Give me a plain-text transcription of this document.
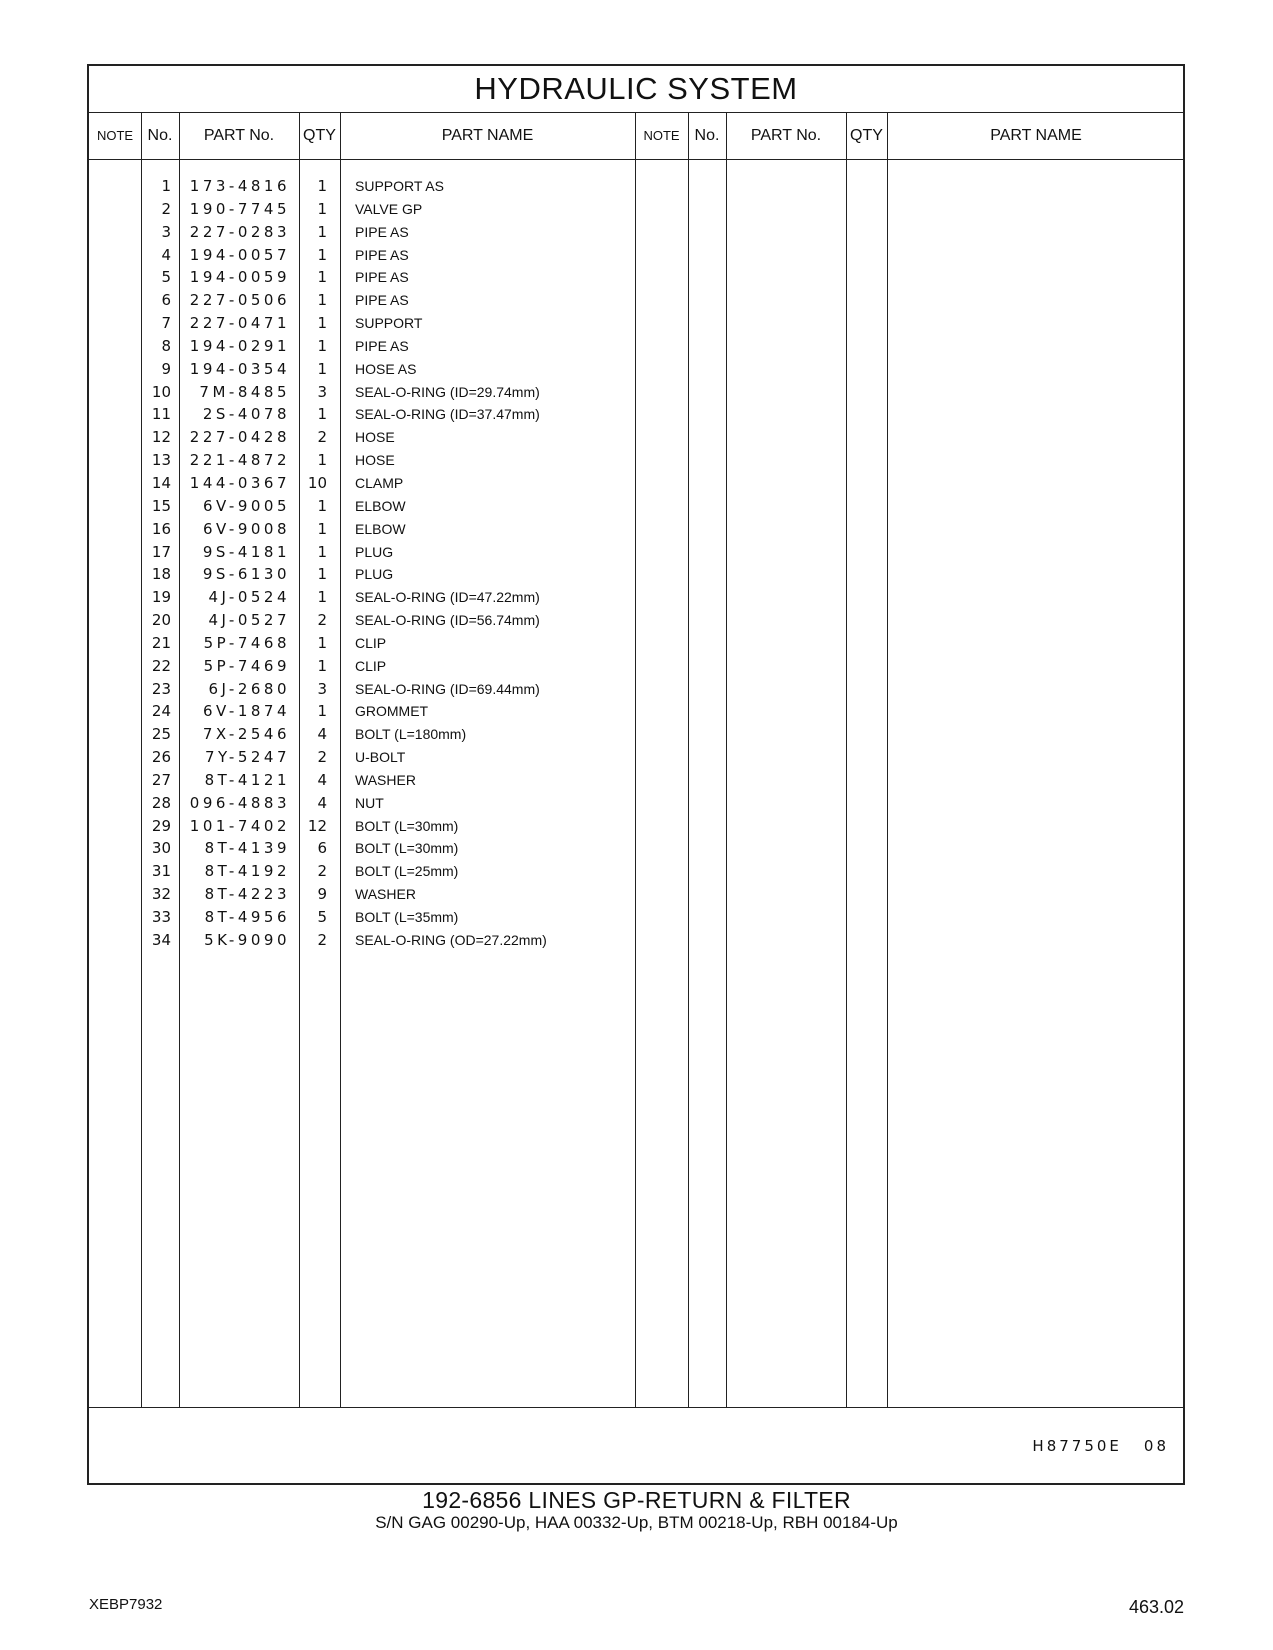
HYDRAULIC SYSTEM
NOTE No.	PART No.	QTY	PART NAME	NOTE No.	PART No.	QTY	PART NAME
1	173-4816	1 SUPPORT AS
2	190-7745	1 VALVE GP
3	227-0283	1 PIPE AS
4	194-0057	1 PIPE AS
5	194-0059	1 PIPE AS
6	227-0506	1 PIPE AS
7	227-0471	1 SUPPORT
8	194-0291	1 PIPE AS
9	194-0354	1 HOSE AS
10	7M-8485	3 SEAL-O-RING (ID=29.74mm)
11	2S-4078	1 SEAL-O-RING (ID=37.47mm)
12	227-0428	2 HOSE
13	221-4872	1 HOSE
14	144-0367	10 CLAMP
15	6V-9005	1 ELBOW
16	6V-9008	1 ELBOW
17	9S-4181	1 PLUG
18	9S-6130	1 PLUG
19	4J-0524	1 SEAL-O-RING (ID=47.22mm)
20	4J-0527	2 SEAL-O-RING (ID=56.74mm)
21	5P-7468	1 CLIP
22	5P-7469	1 CLIP
23	6J-2680	3 SEAL-O-RING (ID=69.44mm)
24	6V-1874	1 GROMMET
25	7X-2546	4 BOLT (L=180mm)
26	7Y-5247	2 U-BOLT
27	8T-4121	4 WASHER
28	096-4883	4 NUT
29	101-7402	12 BOLT (L=30mm)
30	8T-4139	6 BOLT (L=30mm)
31	8T-4192	2 BOLT (L=25mm)
32	8T-4223	9 WASHER
33	8T-4956	5 BOLT (L=35mm)
34	5K-9090	2 SEAL-O-RING (OD=27.22mm)
H87750E 08
192-6856 LINES GP-RETURN & FILTER
S/N GAG 00290-Up, HAA 00332-Up, BTM 00218-Up, RBH 00184-Up
XEBP7932	463.02
